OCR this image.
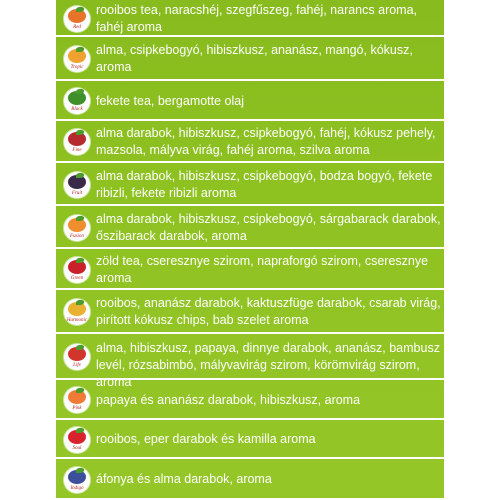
Red

rooibos tea, naracshéj, szegfűszeg, fahéj, narancs aroma, fahéj aroma

Tropic

alma, csipkebogyó, hibiszkusz, ananász, mangó, kókusz, aroma

Black

fekete tea, bergamotte olaj

Fine

alma darabok, hibiszkusz, csipkebogyó, fahéj, kókusz pehely, mazsola, mályva virág, fahéj aroma, szilva aroma

Fruit

alma darabok, hibiszkusz, csipkebogyó, bodza bogyó, fekete ribizli, fekete ribizli aroma

Fusion

alma darabok, hibiszkusz, csipkebogyó, sárgabarack darabok, őszibarack darabok, aroma

Green

zöld tea, cseresznye szirom, napraforgó szirom, cseresznye aroma

Harmonic

rooibos, ananász darabok, kaktuszfüge darabok, csarab virág, pirított kókusz chips, bab szelet aroma

Life

alma, hibiszkusz, papaya, dinnye darabok, ananász, bambusz levél, rózsabimbó, mályvavirág szirom, körömvirág szirom, aroma

Pink

papaya és ananász darabok, hibiszkusz, aroma

Soul

rooibos, eper darabok és kamilla aroma

Indigo

áfonya és alma darabok, aroma
